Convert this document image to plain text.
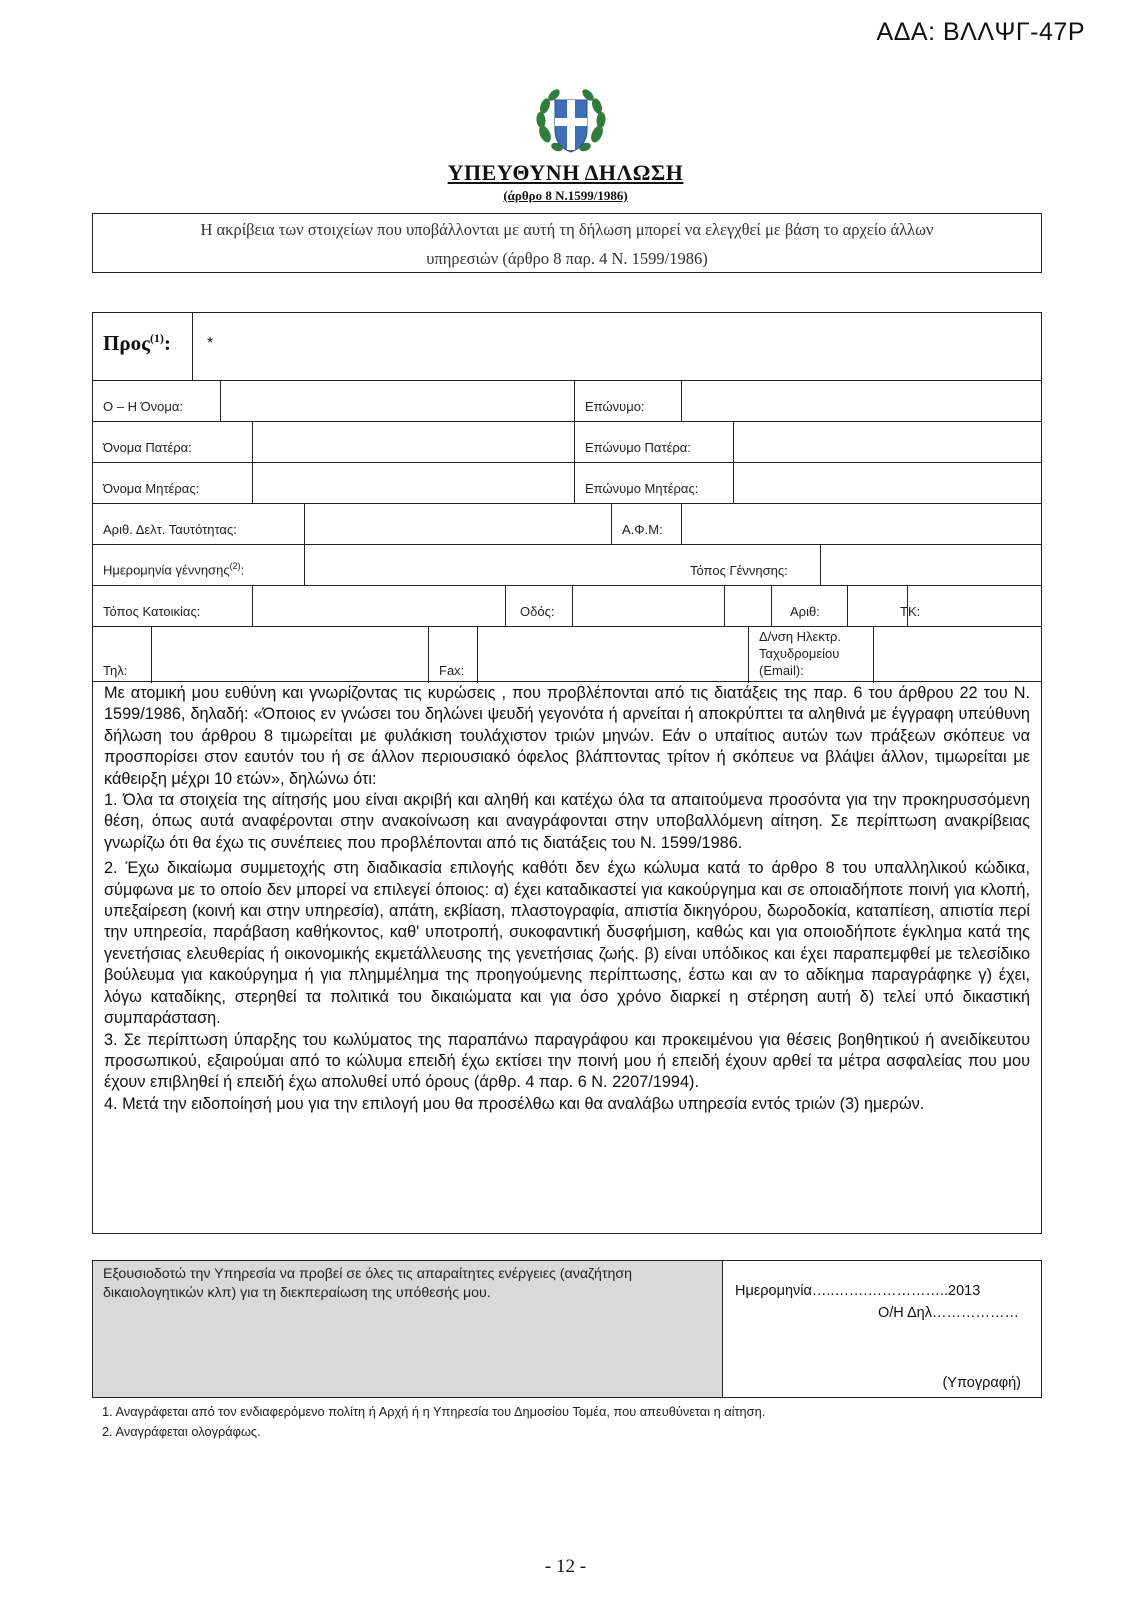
ΑΔΑ: ΒΛΛΨΓ-47Ρ
ΥΠΕΥΘΥΝΗ ΔΗΛΩΣΗ
(άρθρο 8 Ν.1599/1986)
Η ακρίβεια των στοιχείων που υποβάλλονται με αυτή τη δήλωση μπορεί να ελεγχθεί με βάση το αρχείο άλλων
υπηρεσιών (άρθρο 8 παρ. 4 Ν. 1599/1986)
Προς$^{(1)}$: *
Ο – Η Όνομα:	Επώνυμο:
Όνομα Πατέρα:	Επώνυμο Πατέρα:
Όνομα Μητέρας:	Επώνυμο Μητέρας:
Αριθ. Δελτ. Ταυτότητας:	Α.Φ.Μ:
Ημερομηνία γέννησης$^{(2)}$:	Τόπος Γέννησης:
Τόπος Κατοικίας:	Οδός:	Αριθ:	ΤΚ:
Τηλ:	Fax:
Δ/νση Ηλεκτρ.
Ταχυδρομείου
(Email):

Με ατομική μου ευθύνη και γνωρίζοντας τις κυρώσεις , που προβλέπονται από τις διατάξεις της παρ. 6 του άρθρου 22 του Ν. 1599/1986, δηλαδή: «Όποιος εν γνώσει του δηλώνει ψευδή γεγονότα ή αρνείται ή αποκρύπτει τα αληθινά με έγγραφη υπεύθυνη δήλωση του άρθρου 8 τιμωρείται με φυλάκιση τουλάχιστον τριών μηνών. Εάν ο υπαίτιος αυτών των πράξεων σκόπευε να προσπορίσει στον εαυτόν του ή σε άλλον περιουσιακό όφελος βλάπτοντας τρίτον ή σκόπευε να βλάψει άλλον, τιμωρείται με κάθειρξη μέχρι 10 ετών», δηλώνω ότι:

1. Όλα τα στοιχεία της αίτησής μου είναι ακριβή και αληθή και κατέχω όλα τα απαιτούμενα προσόντα για την προκηρυσσόμενη θέση, όπως αυτά αναφέρονται στην ανακοίνωση και αναγράφονται στην υποβαλλόμενη αίτηση. Σε περίπτωση ανακρίβειας γνωρίζω ότι θα έχω τις συνέπειες που προβλέπονται από τις διατάξεις του Ν. 1599/1986.

2. Έχω δικαίωμα συμμετοχής στη διαδικασία επιλογής καθότι δεν έχω κώλυμα κατά το άρθρο 8 του υπαλληλικού κώδικα, σύμφωνα με το οποίο δεν μπορεί να επιλεγεί όποιος: α) έχει καταδικαστεί για κακούργημα και σε οποιαδήποτε ποινή για κλοπή, υπεξαίρεση (κοινή και στην υπηρεσία), απάτη, εκβίαση, πλαστογραφία, απιστία δικηγόρου, δωροδοκία, καταπίεση, απιστία περί την υπηρεσία, παράβαση καθήκοντος, καθ' υποτροπή, συκοφαντική δυσφήμιση, καθώς και για οποιοδήποτε έγκλημα κατά της γενετήσιας ελευθερίας ή οικονομικής εκμετάλλευσης της γενετήσιας ζωής. β) είναι υπόδικος και έχει παραπεμφθεί με τελεσίδικο βούλευμα για κακούργημα ή για πλημμέλημα της προηγούμενης περίπτωσης, έστω και αν το αδίκημα παραγράφηκε γ) έχει, λόγω καταδίκης, στερηθεί τα πολιτικά του δικαιώματα και για όσο χρόνο διαρκεί η στέρηση αυτή δ) τελεί υπό δικαστική συμπαράσταση.

3. Σε περίπτωση ύπαρξης του κωλύματος της παραπάνω παραγράφου και προκειμένου για θέσεις βοηθητικού ή ανειδίκευτου προσωπικού, εξαιρούμαι από το κώλυμα επειδή έχω εκτίσει την ποινή μου ή επειδή έχουν αρθεί τα μέτρα ασφαλείας που μου έχουν επιβληθεί ή επειδή έχω απολυθεί υπό όρους (άρθρ. 4 παρ. 6 Ν. 2207/1994).

4. Μετά την ειδοποίησή μου για την επιλογή μου θα προσέλθω και θα αναλάβω υπηρεσία εντός τριών (3) ημερών.

Εξουσιοδοτώ την Υπηρεσία να προβεί σε όλες τις απαραίτητες ενέργειες (αναζήτηση δικαιολογητικών κλπ) για τη διεκπεραίωση της υπόθεσής μου.	Ημερομηνία…..…….……………..2013
Ο/Η Δηλ………………
(Υπογραφή)
1. Αναγράφεται από τον ενδιαφερόμενο πολίτη ή Αρχή ή η Υπηρεσία του Δημοσίου Τομέα, που απευθύνεται η αίτηση.
2. Αναγράφεται ολογράφως.
- 12 -
